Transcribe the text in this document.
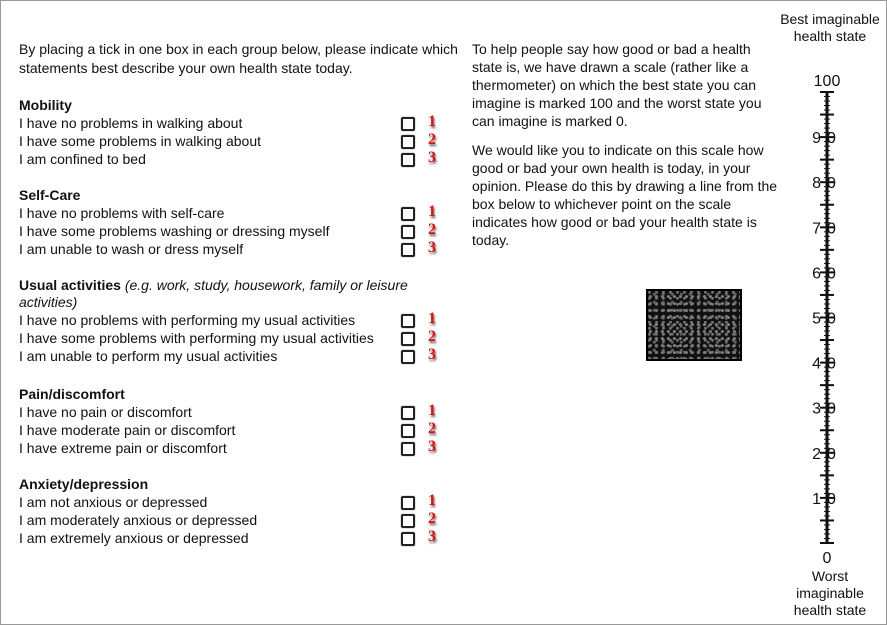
By placing a tick in one box in each group below, please indicate which statements best describe your own health state today.
Mobility
I have no problems in walking about	1
I have some problems in walking about	2
I am confined to bed	3
Self-Care
I have no problems with self-care	1
I have some problems washing or dressing myself	2
I am unable to wash or dress myself	3
Usual activities (e.g. work, study, housework, family or leisure activities)
I have no problems with performing my usual activities	1
I have some problems with performing my usual activities	2
I am unable to perform my usual activities	3
Pain/discomfort
I have no pain or discomfort	1
I have moderate pain or discomfort	2
I have extreme pain or discomfort	3
Anxiety/depression
I am not anxious or depressed	1
I am moderately anxious or depressed	2
I am extremely anxious or depressed	3
To help people say how good or bad a health state is, we have drawn a scale (rather like a thermometer) on which the best state you can imagine is marked 100 and the worst state you can imagine is marked 0.
We would like you to indicate on this scale how good or bad your own health is today, in your opinion. Please do this by drawing a line from the box below to whichever point on the scale indicates how good or bad your health state is today.
Best imaginable health state
100
90
80
70
60
50
40
30
20
10
0
Worst imaginable health state
